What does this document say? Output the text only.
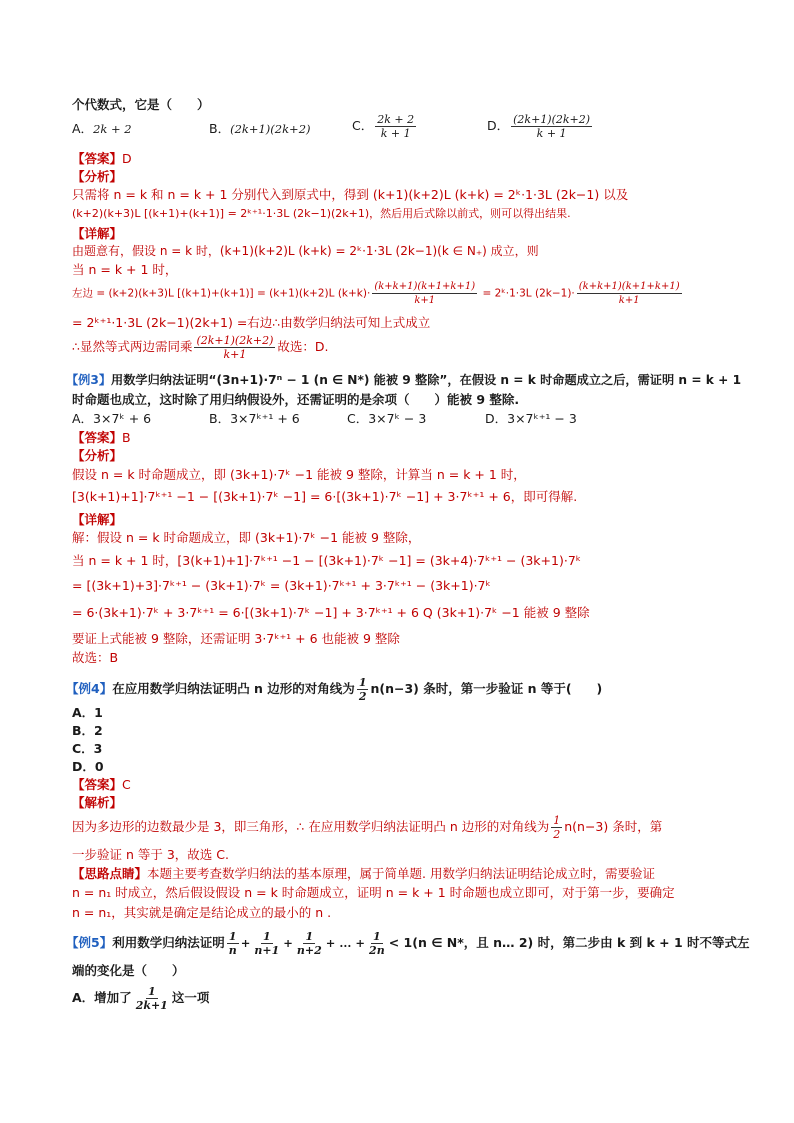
个代数式，它是（　　）
A．2k + 2	B．(2k+1)(2k+2)	C． $\frac{2k + 2}{k + 1}$	D． $\frac{(2k+1)(2k+2)}{k + 1}$
【答案】D
【分析】
只需将 n = k 和 n = k + 1 分别代入到原式中，得到 (k+1)(k+2)L (k+k) = 2ᵏ·1·3L (2k−1) 以及
(k+2)(k+3)L [(k+1)+(k+1)] = 2ᵏ⁺¹·1·3L (2k−1)(2k+1)，然后用后式除以前式，则可以得出结果.
【详解】
由题意有，假设 n = k 时，(k+1)(k+2)L (k+k) = 2ᵏ·1·3L (2k−1)(k ∈ N₊) 成立，则
当 n = k + 1 时，
左边 = (k+2)(k+3)L [(k+1)+(k+1)] = (k+1)(k+2)L $(k+k)\cdot \frac{(k+k+1)(k+1+k+1)}{k+1}$ = 2ᵏ·1·3L $(2k-1)\cdot \frac{(k+k+1)(k+1+k+1)}{k+1}$
= 2ᵏ⁺¹·1·3L (2k−1)(2k+1) =右边∴由数学归纳法可知上式成立
∴显然等式两边需同乘 $\frac{(2k+1)(2k+2)}{k+1}$ 故选：D.
【例3】用数学归纳法证明“(3n+1)·7ⁿ − 1 (n ∈ N*) 能被 9 整除”，在假设 n = k 时命题成立之后，需证明 n = k + 1
时命题也成立，这时除了用归纳假设外，还需证明的是余项（　　）能被 9 整除.
A．3×7ᵏ + 6	B．3×7ᵏ⁺¹ + 6	C．3×7ᵏ − 3	D．3×7ᵏ⁺¹ − 3
【答案】B
【分析】
假设 n = k 时命题成立，即 (3k+1)·7ᵏ −1 能被 9 整除，计算当 n = k + 1 时，
[3(k+1)+1]·7ᵏ⁺¹ −1 − [(3k+1)·7ᵏ −1] = 6·[(3k+1)·7ᵏ −1] + 3·7ᵏ⁺¹ + 6，即可得解.
【详解】
解：假设 n = k 时命题成立，即 (3k+1)·7ᵏ −1 能被 9 整除，
当 n = k + 1 时，[3(k+1)+1]·7ᵏ⁺¹ −1 − [(3k+1)·7ᵏ −1] = (3k+4)·7ᵏ⁺¹ − (3k+1)·7ᵏ
= [(3k+1)+3]·7ᵏ⁺¹ − (3k+1)·7ᵏ = (3k+1)·7ᵏ⁺¹ + 3·7ᵏ⁺¹ − (3k+1)·7ᵏ
= 6·(3k+1)·7ᵏ + 3·7ᵏ⁺¹ = 6·[(3k+1)·7ᵏ −1] + 3·7ᵏ⁺¹ + 6 Q (3k+1)·7ᵏ −1 能被 9 整除
要证上式能被 9 整除，还需证明 3·7ᵏ⁺¹ + 6 也能被 9 整除
故选：B
【例4】在应用数学归纳法证明凸 n 边形的对角线为 $\frac{1}{2} n(n-3)$ 条时，第一步验证 n 等于(　　)
A．1
B．2
C．3
D．0
【答案】C
【解析】
因为多边形的边数最少是 3，即三角形，∴ 在应用数学归纳法证明凸 n 边形的对角线为 $\frac{1}{2} n(n-3)$ 条时，第
一步验证 n 等于 3，故选 C.
【思路点睛】本题主要考查数学归纳法的基本原理，属于简单题. 用数学归纳法证明结论成立时，需要验证
n = n₁ 时成立，然后假设假设 n = k 时命题成立，证明 n = k + 1 时命题也成立即可，对于第一步，要确定
n = n₁，其实就是确定是结论成立的最小的 n .
【例5】利用数学归纳法证明 $\frac{1}{n} + \frac{1}{n+1} + \frac{1}{n+2}$ + ... + $\frac{1}{2n} < 1(n$ ∈ N*，且 n… 2) 时，第二步由 k 到 k + 1 时不等式左
端的变化是（　　）
A．增加了 $\frac{1}{2k+1}$ 这一项
